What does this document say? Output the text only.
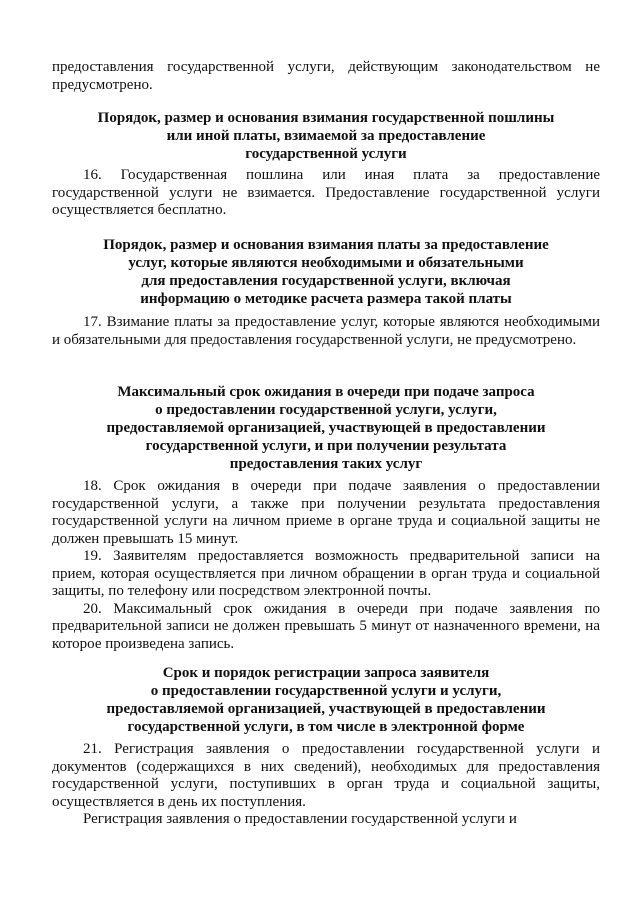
предоставления государственной услуги, действующим законодательством не предусмотрено.

Порядок, размер и основания взимания государственной пошлины
или иной платы, взимаемой за предоставление
государственной услуги

16. Государственная пошлина или иная плата за предоставление государственной услуги не взимается. Предоставление государственной услуги осуществляется бесплатно.

Порядок, размер и основания взимания платы за предоставление
услуг, которые являются необходимыми и обязательными
для предоставления государственной услуги, включая
информацию о методике расчета размера такой платы

17. Взимание платы за предоставление услуг, которые являются необходимыми и обязательными для предоставления государственной услуги, не предусмотрено.

Максимальный срок ожидания в очереди при подаче запроса
о предоставлении государственной услуги, услуги,
предоставляемой организацией, участвующей в предоставлении
государственной услуги, и при получении результата
предоставления таких услуг

18. Срок ожидания в очереди при подаче заявления о предоставлении государственной услуги, а также при получении результата предоставления государственной услуги на личном приеме в органе труда и социальной защиты не должен превышать 15 минут.

19. Заявителям предоставляется возможность предварительной записи на прием, которая осуществляется при личном обращении в орган труда и социальной защиты, по телефону или посредством электронной почты.

20. Максимальный срок ожидания в очереди при подаче заявления по предварительной записи не должен превышать 5 минут от назначенного времени, на которое произведена запись.

Срок и порядок регистрации запроса заявителя
о предоставлении государственной услуги и услуги,
предоставляемой организацией, участвующей в предоставлении
государственной услуги, в том числе в электронной форме

21. Регистрация заявления о предоставлении государственной услуги и документов (содержащихся в них сведений), необходимых для предоставления государственной услуги, поступивших в орган труда и социальной защиты, осуществляется в день их поступления.

Регистрация заявления о предоставлении государственной услуги и
